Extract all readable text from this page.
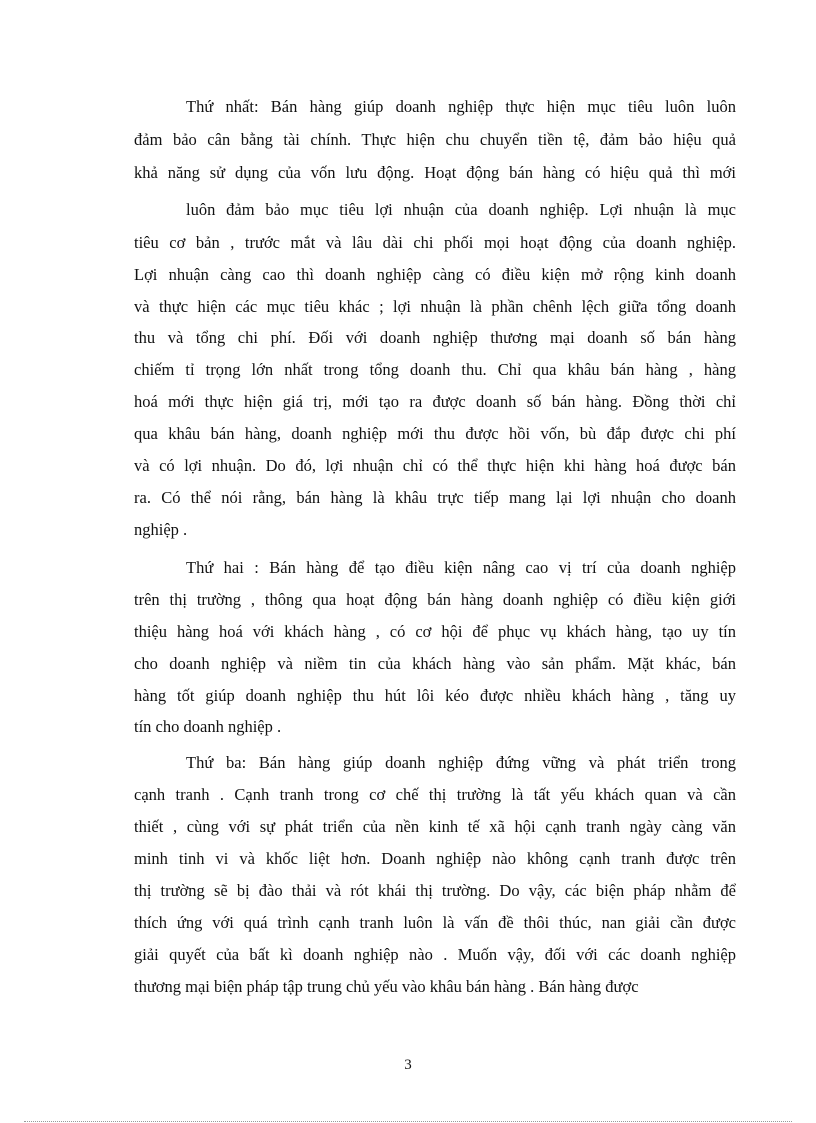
Thứ nhất: Bán hàng giúp doanh nghiệp thực hiện mục tiêu luôn luôn
đảm bảo cân bằng tài chính. Thực hiện chu chuyển tiền tệ, đảm bảo hiệu quả
khả năng sử dụng của vốn lưu động. Hoạt động bán hàng có hiệu quả thì mới
luôn đảm bảo mục tiêu lợi nhuận của doanh nghiệp. Lợi nhuận là mục
tiêu cơ bản , trước mắt và lâu dài chi phối mọi hoạt động của doanh nghiệp.
Lợi nhuận càng cao thì doanh nghiệp càng có điều kiện mở rộng kinh doanh
và thực hiện các mục tiêu khác ; lợi nhuận là phần chênh lệch giữa tổng doanh
thu và tổng chi phí. Đối với doanh nghiệp thương mại doanh số bán hàng
chiếm tỉ trọng lớn nhất trong tổng doanh thu. Chỉ qua khâu bán hàng , hàng
hoá mới thực hiện giá trị, mới tạo ra được doanh số bán hàng. Đồng thời chỉ
qua khâu bán hàng, doanh nghiệp mới thu được hồi vốn, bù đắp được chi phí
và có lợi nhuận. Do đó, lợi nhuận chỉ có thể thực hiện khi hàng hoá được bán
ra. Có thể nói rằng, bán hàng là khâu trực tiếp mang lại lợi nhuận cho doanh
nghiệp .
Thứ hai : Bán hàng để tạo điều kiện nâng cao vị trí của doanh nghiệp
trên thị trường , thông qua hoạt động bán hàng doanh nghiệp có điều kiện giới
thiệu hàng hoá với khách hàng , có cơ hội để phục vụ khách hàng, tạo uy tín
cho doanh nghiệp và niềm tin của khách hàng vào sản phẩm. Mặt khác, bán
hàng tốt giúp doanh nghiệp thu hút lôi kéo được nhiều khách hàng , tăng uy
tín cho doanh nghiệp .
Thứ ba: Bán hàng giúp doanh nghiệp đứng vững và phát triển trong
cạnh tranh . Cạnh tranh trong cơ chế thị trường là tất yếu khách quan và cần
thiết , cùng với sự phát triển của nền kinh tế xã hội cạnh tranh ngày càng văn
minh tinh vi và khốc liệt hơn. Doanh nghiệp nào không cạnh tranh được trên
thị trường sẽ bị đào thải và rót khái thị trường. Do vậy, các biện pháp nhằm để
thích ứng với quá trình cạnh tranh luôn là vấn đề thôi thúc, nan giải cần được
giải quyết của bất kì doanh nghiệp nào . Muốn vậy, đối với các doanh nghiệp
thương mại biện pháp tập trung chủ yếu vào khâu bán hàng . Bán hàng được
3
